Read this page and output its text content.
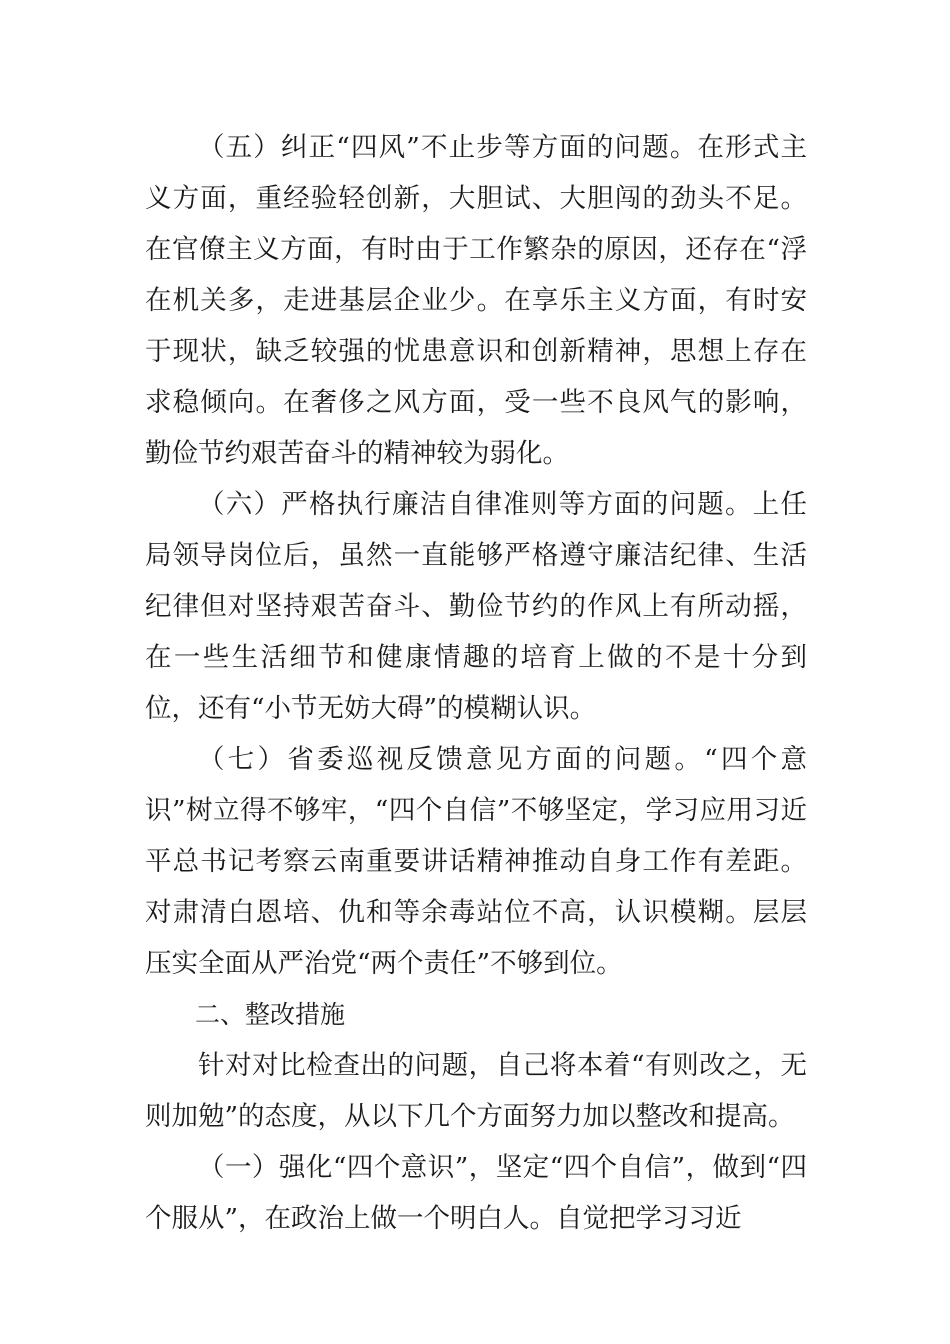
（五）纠正“四风”不止步等方面的问题。在形式主义方面，重经验轻创新，大胆试、大胆闯的劲头不足。在官僚主义方面，有时由于工作繁杂的原因，还存在“浮在机关多，走进基层企业少。在享乐主义方面，有时安于现状，缺乏较强的忧患意识和创新精神，思想上存在求稳倾向。在奢侈之风方面，受一些不良风气的影响，勤俭节约艰苦奋斗的精神较为弱化。

（六）严格执行廉洁自律准则等方面的问题。上任局领导岗位后，虽然一直能够严格遵守廉洁纪律、生活纪律但对坚持艰苦奋斗、勤俭节约的作风上有所动摇，在一些生活细节和健康情趣的培育上做的不是十分到位，还有“小节无妨大碍”的模糊认识。

（七）省委巡视反馈意见方面的问题。“四个意识”树立得不够牢，“四个自信”不够坚定，学习应用习近平总书记考察云南重要讲话精神推动自身工作有差距。对肃清白恩培、仇和等余毒站位不高，认识模糊。层层压实全面从严治党“两个责任”不够到位。

二、整改措施

针对对比检查出的问题，自己将本着“有则改之，无则加勉”的态度，从以下几个方面努力加以整改和提高。

（一）强化“四个意识”，坚定“四个自信”，做到“四个服从”，在政治上做一个明白人。自觉把学习习近
